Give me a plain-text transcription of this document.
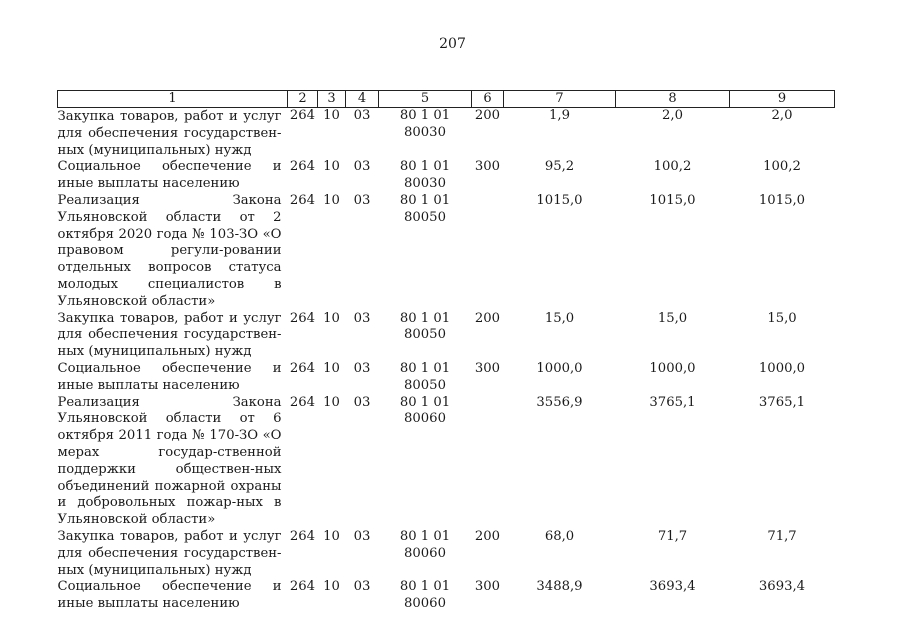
207
1	2	3	4	5	6	7	8	9
Закупка товаров, работ и услуг для обеспечения государствен-ных (муниципальных) нужд	264	10	03	80 1 01 80030	200	1,9	2,0	2,0
Социальное обеспечение и иные выплаты населению	264	10	03	80 1 01 80030	300	95,2	100,2	100,2
Реализация Закона Ульяновской области от 2 октября 2020 года № 103-ЗО «О правовом регули-ровании отдельных вопросов статуса молодых специалистов в Ульяновской области»	264	10	03	80 1 01 80050		1015,0	1015,0	1015,0
Закупка товаров, работ и услуг для обеспечения государствен-ных (муниципальных) нужд	264	10	03	80 1 01 80050	200	15,0	15,0	15,0
Социальное обеспечение и иные выплаты населению	264	10	03	80 1 01 80050	300	1000,0	1000,0	1000,0
Реализация Закона Ульяновской области от 6 октября 2011 года № 170-ЗО «О мерах государ-ственной поддержки обществен-ных объединений пожарной охраны и добровольных пожар-ных в Ульяновской области»	264	10	03	80 1 01 80060		3556,9	3765,1	3765,1
Закупка товаров, работ и услуг для обеспечения государствен-ных (муниципальных) нужд	264	10	03	80 1 01 80060	200	68,0	71,7	71,7
Социальное обеспечение и иные выплаты населению	264	10	03	80 1 01 80060	300	3488,9	3693,4	3693,4
